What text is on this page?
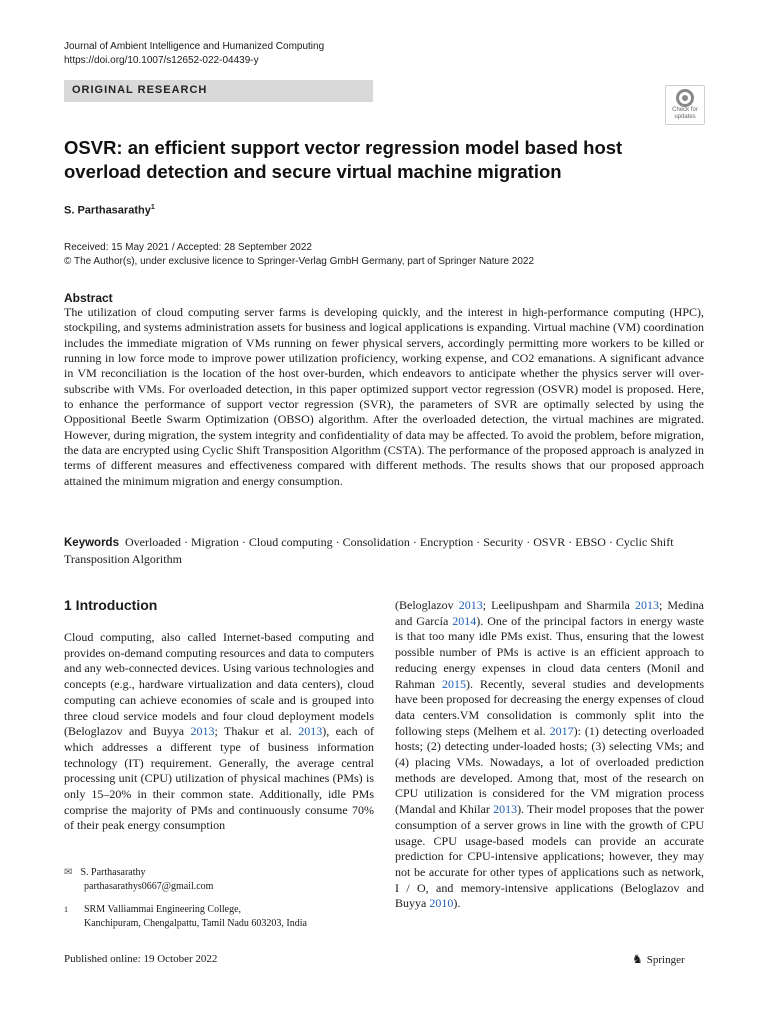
Journal of Ambient Intelligence and Humanized Computing
https://doi.org/10.1007/s12652-022-04439-y
ORIGINAL RESEARCH
Check for
updates
OSVR: an efficient support vector regression model based host overload detection and secure virtual machine migration
S. Parthasarathy$^1$
Received: 15 May 2021 / Accepted: 28 September 2022
© The Author(s), under exclusive licence to Springer-Verlag GmbH Germany, part of Springer Nature 2022
Abstract
The utilization of cloud computing server farms is developing quickly, and the interest in high-performance computing (HPC), stockpiling, and systems administration assets for business and logical applications is expanding. Virtual machine (VM) coordination includes the immediate migration of VMs running on fewer physical servers, accordingly permitting more workers to be killed or running in low force mode to improve power utilization proficiency, working expense, and CO2 emanations. A significant advance in VM reconciliation is the location of the host over-burden, which endeavors to anticipate whether the physics server will over-subscribe with VMs. For overloaded detection, in this paper optimized support vector regression (OSVR) model is proposed. Here, to enhance the performance of support vector regression (SVR), the parameters of SVR are optimally selected by using the Oppositional Beetle Swarm Optimization (OBSO) algorithm. After the overloaded detection, the virtual machines are migrated. However, during migration, the system integrity and confidentiality of data may be affected. To avoid the problem, before migration, the data are encrypted using Cyclic Shift Transposition Algorithm (CSTA). The performance of the proposed approach is analyzed in terms of different measures and effectiveness compared with different methods. The results shows that our proposed approach attained the minimum migration and energy consumption.
Keywords Overloaded · Migration · Cloud computing · Consolidation · Encryption · Security · OSVR · EBSO · Cyclic Shift Transposition Algorithm
1 Introduction
Cloud computing, also called Internet-based computing and provides on-demand computing resources and data to computers and any web-connected devices. Using various technologies and concepts (e.g., hardware virtualization and data centers), cloud computing can achieve economies of scale and is grouped into three cloud service models and four cloud deployment models (Beloglazov and Buyya 2013; Thakur et al. 2013), each of which addresses a different type of business information technology (IT) requirement. Generally, the average central processing unit (CPU) utilization of physical machines (PMs) is only 15–20% in their common state. Additionally, idle PMs comprise the majority of PMs and continuously consume 70% of their peak energy consumption
(Beloglazov 2013; Leelipushpam and Sharmila 2013; Medina and García 2014). One of the principal factors in energy waste is that too many idle PMs exist. Thus, ensuring that the lowest possible number of PMs is active is an efficient approach to reducing energy expenses in cloud data centers (Monil and Rahman 2015). Recently, several studies and developments have been proposed for decreasing the energy expenses of cloud data centers.VM consolidation is commonly split into the following steps (Melhem et al. 2017): (1) detecting overloaded hosts; (2) detecting under-loaded hosts; (3) selecting VMs; and (4) placing VMs. Nowadays, a lot of overloaded prediction methods are developed. Among that, most of the research on CPU utilization is considered for the VM migration process (Mandal and Khilar 2013). Their model proposes that the power consumption of a server grows in line with the growth of CPU usage. CPU usage-based models can provide an accurate prediction for CPU-intensive applications; however, they may not be accurate for other types of applications such as network, I / O, and memory-intensive applications (Beloglazov and Buyya 2010).
✉ S. Parthasarathy
parthasarathys0667@gmail.com
1 SRM Valliammai Engineering College,
Kanchipuram, Chengalpattu, Tamil Nadu 603203, India
Published online: 19 October 2022	♞ Springer
